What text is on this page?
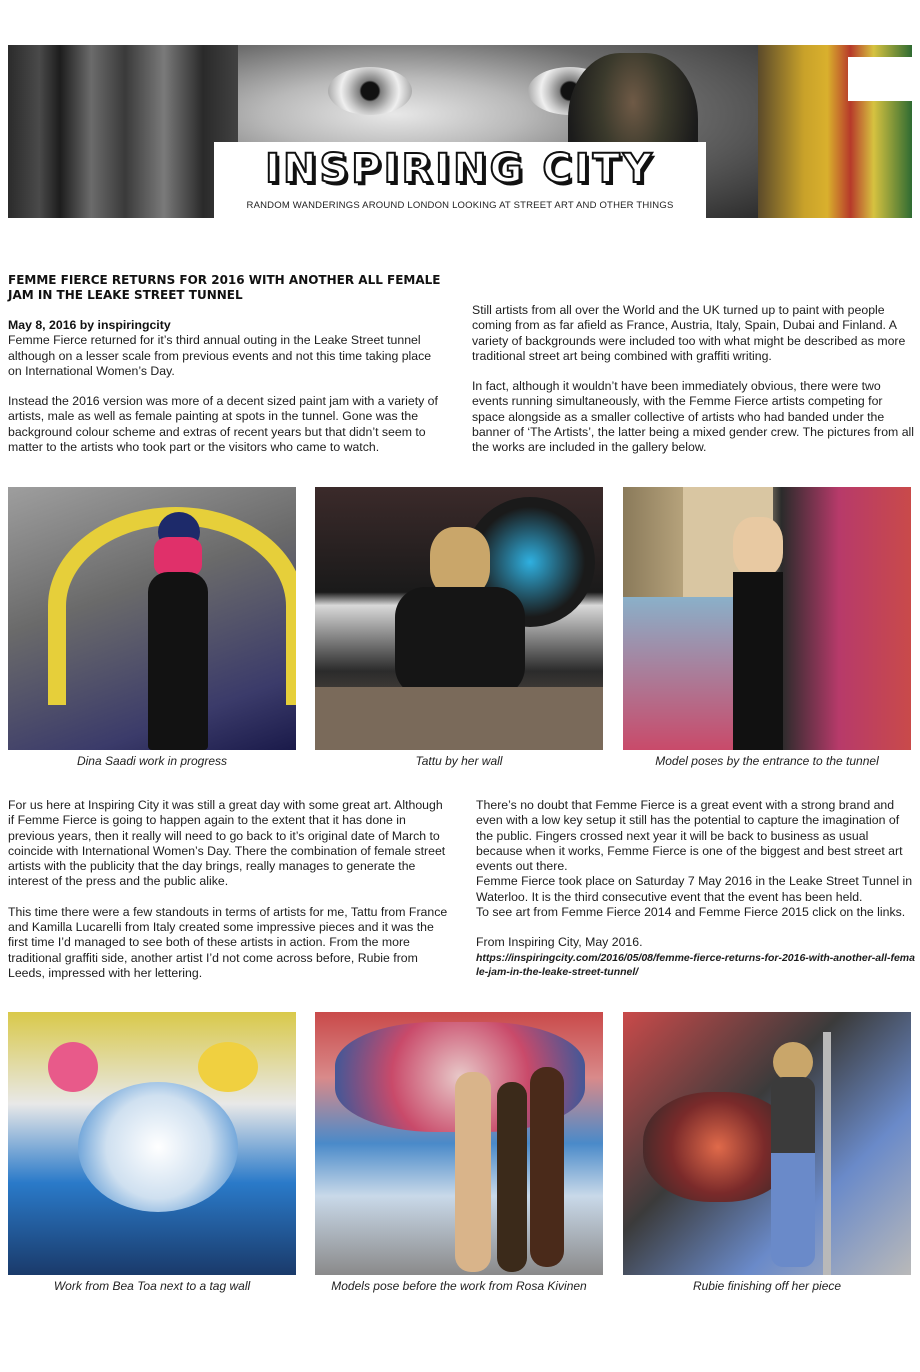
INSPIRING CITY
RANDOM WANDERINGS AROUND LONDON LOOKING AT STREET ART AND OTHER THINGS
FEMME FIERCE RETURNS FOR 2016 WITH ANOTHER ALL FEMALE JAM IN THE LEAKE STREET TUNNEL
May 8, 2016 by inspiringcity

Femme Fierce returned for it’s third annual outing in the Leake Street tunnel although on a lesser scale from previous events and not this time taking place on International Women’s Day.

Instead the 2016 version was more of a decent sized paint jam with a variety of artists, male as well as female painting at spots in the tunnel. Gone was the background colour scheme and extras of recent years but that didn’t seem to matter to the artists who took part or the visitors who came to watch.

Still artists from all over the World and the UK turned up to paint with people coming from as far afield as France, Austria, Italy, Spain, Dubai and Finland. A variety of backgrounds were included too with what might be described as more traditional street art being combined with graffiti writing.

In fact, although it wouldn’t have been immediately obvious, there were two events running simultaneously, with the Femme Fierce artists competing for space alongside as a smaller collective of artists who had banded under the banner of ‘The Artists’, the latter being a mixed gender crew. The pictures from all the works are included in the gallery below.

Dina Saadi work in progress	Tattu by her wall	Model poses by the entrance to the tunnel

For us here at Inspiring City it was still a great day with some great art. Although if Femme Fierce is going to happen again to the extent that it has done in previous years, then it really will need to go back to it’s original date of March to coincide with International Women’s Day. There the combination of female street artists with the publicity that the day brings, really manages to generate the interest of the press and the public alike.

This time there were a few standouts in terms of artists for me, Tattu from France and Kamilla Lucarelli from Italy created some impressive pieces and it was the first time I’d managed to see both of these artists in action. From the more traditional graffiti side, another artist I’d not come across before, Rubie from Leeds, impressed with her lettering.

There’s no doubt that Femme Fierce is a great event with a strong brand and even with a low key setup it still has the potential to capture the imagination of the public. Fingers crossed next year it will be back to business as usual because when it works, Femme Fierce is one of the biggest and best street art events out there.
Femme Fierce took place on Saturday 7 May 2016 in the Leake Street Tunnel in Waterloo. It is the third consecutive event that the event has been held.
To see art from Femme Fierce 2014 and Femme Fierce 2015 click on the links.
From Inspiring City, May 2016.
https://inspiringcity.com/2016/05/08/femme-fierce-returns-for-2016-with-another-all-female-jam-in-the-leake-street-tunnel/
Work from Bea Toa next to a tag wall	Models pose before the work from Rosa Kivinen	Rubie finishing off her piece
